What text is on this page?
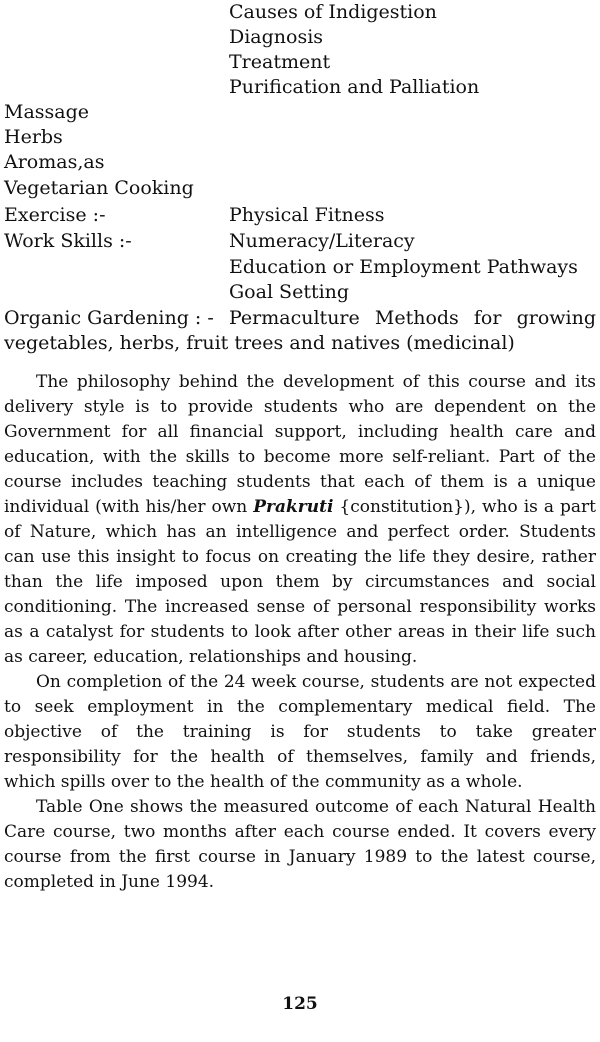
Causes of Indigestion
Diagnosis
Treatment
Purification and Palliation
Massage
Herbs
Aromas,as
Vegetarian Cooking
Exercise :-	Physical Fitness
Work Skills :-	Numeracy/Literacy
Education or Employment Pathways
Goal Setting
Organic Gardening : - Permaculture Methods for growing
vegetables, herbs, fruit trees and natives (medicinal)

The philosophy behind the development of this course and its delivery style is to provide students who are dependent on the Government for all financial support, including health care and education, with the skills to become more self-reliant. Part of the course includes teaching students that each of them is a unique individual (with his/her own Prakruti {constitution}), who is a part of Nature, which has an intelligence and perfect order. Students can use this insight to focus on creating the life they desire, rather than the life imposed upon them by circumstances and social conditioning. The increased sense of personal responsibility works as a catalyst for students to look after other areas in their life such as career, education, relationships and housing.

On completion of the 24 week course, students are not expected to seek employment in the complementary medical field. The objective of the training is for students to take greater responsibility for the health of themselves, family and friends, which spills over to the health of the community as a whole.

Table One shows the measured outcome of each Natural Health Care course, two months after each course ended. It covers every course from the first course in January 1989 to the latest course, completed in June 1994.

125
